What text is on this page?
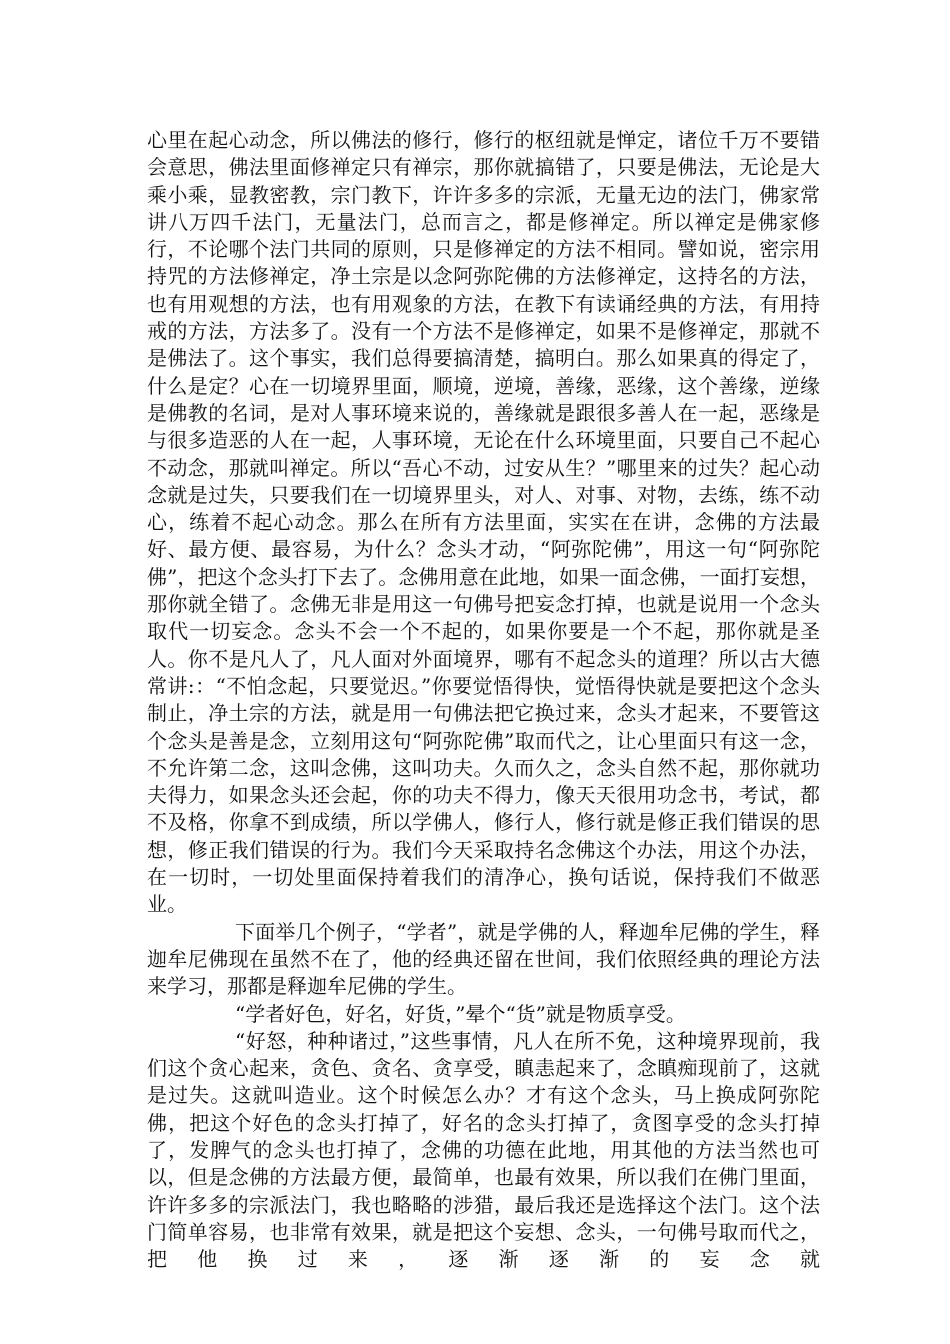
心里在起心动念，所以佛法的修行，修行的枢纽就是惮定，诸位千万不要错会意思，佛法里面修禅定只有禅宗，那你就搞错了，只要是佛法，无论是大乘小乘，显教密教，宗门教下，许许多多的宗派，无量无边的法门，佛家常讲八万四千法门，无量法门，总而言之，都是修禅定。所以禅定是佛家修行，不论哪个法门共同的原则，只是修禅定的方法不相同。譬如说，密宗用持咒的方法修禅定，净土宗是以念阿弥陀佛的方法修禅定，这持名的方法，也有用观想的方法，也有用观象的方法，在教下有读诵经典的方法，有用持戒的方法，方法多了。没有一个方法不是修禅定，如果不是修禅定，那就不是佛法了。这个事实，我们总得要搞清楚，搞明白。那么如果真的得定了，什么是定？心在一切境界里面，顺境，逆境，善缘，恶缘，这个善缘，逆缘是佛教的名词，是对人事环境来说的，善缘就是跟很多善人在一起，恶缘是与很多造恶的人在一起，人事环境，无论在什么环境里面，只要自己不起心不动念，那就叫禅定。所以“吾心不动，过安从生？”哪里来的过失？起心动念就是过失，只要我们在一切境界里头，对人、对事、对物，去练，练不动心，练着不起心动念。那么在所有方法里面，实实在在讲，念佛的方法最好、最方便、最容易，为什么？念头才动，“阿弥陀佛”，用这一句“阿弥陀佛”，把这个念头打下去了。念佛用意在此地，如果一面念佛，一面打妄想，那你就全错了。念佛无非是用这一句佛号把妄念打掉，也就是说用一个念头取代一切妄念。念头不会一个不起的，如果你要是一个不起，那你就是圣人。你不是凡人了，凡人面对外面境界，哪有不起念头的道理？所以古大德常讲:：“不怕念起，只要觉迟。”你要觉悟得快，觉悟得快就是要把这个念头制止，净土宗的方法，就是用一句佛法把它换过来，念头才起来，不要管这个念头是善是念，立刻用这句“阿弥陀佛”取而代之，让心里面只有这一念，不允许第二念，这叫念佛，这叫功夫。久而久之，念头自然不起，那你就功夫得力，如果念头还会起，你的功夫不得力，像天天很用功念书，考试，都不及格，你拿不到成绩，所以学佛人，修行人，修行就是修正我们错误的思想，修正我们错误的行为。我们今天采取持名念佛这个办法，用这个办法，在一切时，一切处里面保持着我们的清净心，换句话说，保持我们不做恶业。

下面举几个例子，“学者”，就是学佛的人，释迦牟尼佛的学生，释迦牟尼佛现在虽然不在了，他的经典还留在世间，我们依照经典的理论方法来学习，那都是释迦牟尼佛的学生。

“学者好色，好名，好货，”晕个“货”就是物质享受。

“好怒，种种诸过，”这些事情，凡人在所不免，这种境界现前，我们这个贪心起来，贪色、贪名、贪享受，瞋恚起来了，念瞋痴现前了，这就是过失。这就叫造业。这个时候怎么办？才有这个念头，马上换成阿弥陀佛，把这个好色的念头打掉了，好名的念头打掉了，贪图享受的念头打掉了，发脾气的念头也打掉了，念佛的功德在此地，用其他的方法当然也可以，但是念佛的方法最方便，最简单，也最有效果，所以我们在佛门里面，许许多多的宗派法门，我也略略的涉猎，最后我还是选择这个法门。这个法门简单容易，也非常有效果，就是把这个妄想、念头，一句佛号取而代之，把他换过来，逐渐逐渐的妄念就
